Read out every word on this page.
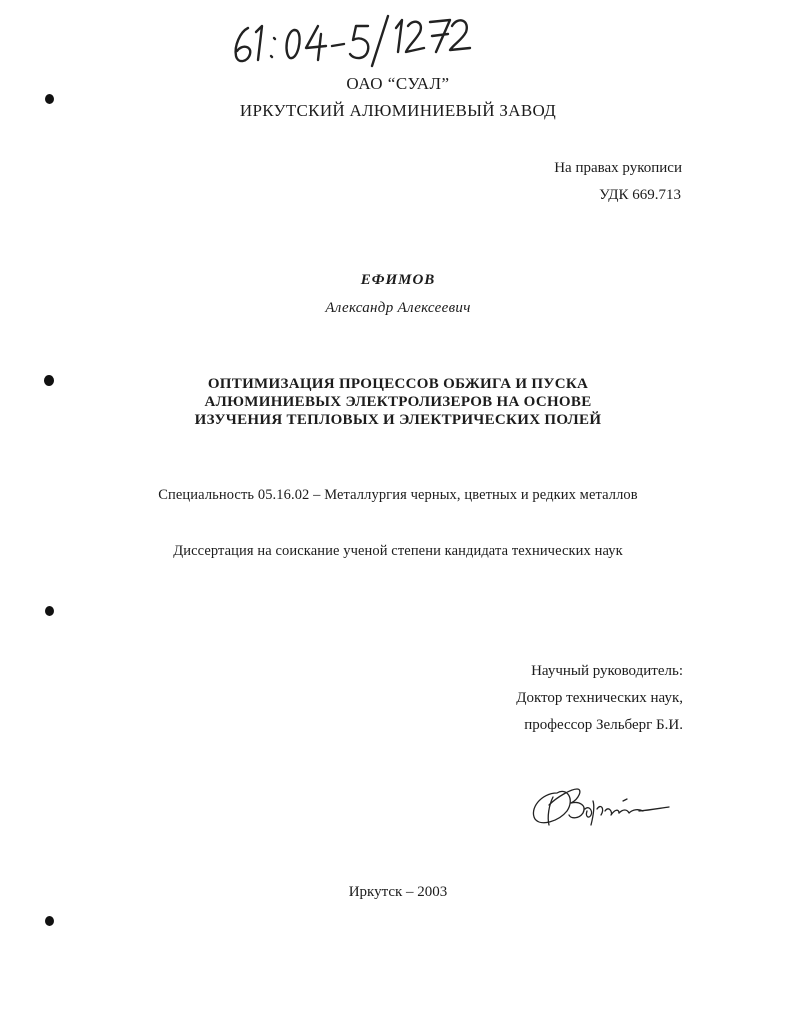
ОАО “СУАЛ”
ИРКУТСКИЙ АЛЮМИНИЕВЫЙ ЗАВОД
На правах рукописи
УДК 669.713
ЕФИМОВ
Александр Алексеевич
ОПТИМИЗАЦИЯ ПРОЦЕССОВ ОБЖИГА И ПУСКА
АЛЮМИНИЕВЫХ ЭЛЕКТРОЛИЗЕРОВ НА ОСНОВЕ
ИЗУЧЕНИЯ ТЕПЛОВЫХ И ЭЛЕКТРИЧЕСКИХ ПОЛЕЙ
Специальность 05.16.02 – Металлургия черных, цветных и редких металлов
Диссертация на соискание ученой степени кандидата технических наук
Научный руководитель:
Доктор технических наук,
профессор Зельберг Б.И.
Иркутск – 2003
